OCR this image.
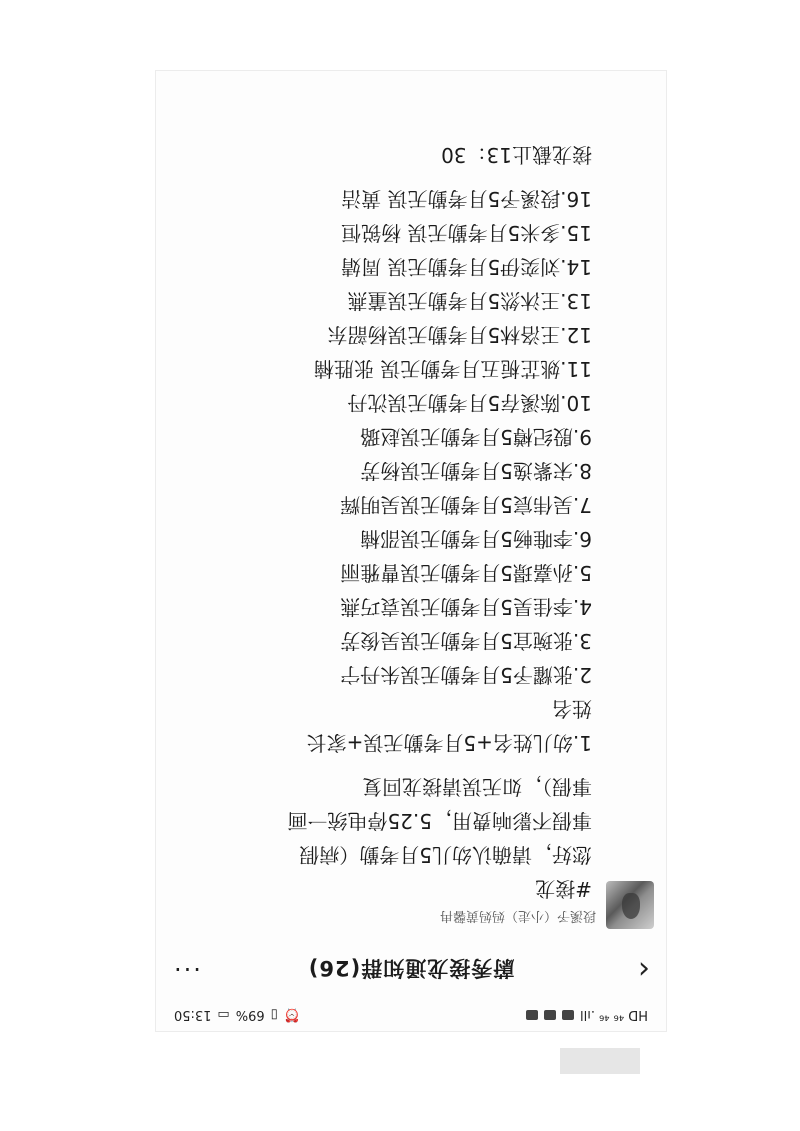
HD ⁴⁶ ⁴⁶ .ıll
⏰
▯
69%
▭
13:50
‹
蔚秀接龙通知群(26)
···
段溪予（小走）妈妈黄馨冉

#接龙

您好，请确认幼儿5月考勤（病假

事假不影响费用，5.25停电统一画

事假），如无误请接龙回复

1.幼儿姓名+5月考勤无误+家长

姓名

2.张耀予5月考勤无误朱丹宁

3.张琬宜5月考勤无误吴俊芳

4.李佳昊5月考勤无误袁巧燕

5.孙嘉璟5月考勤无误曹雅丽

6.李唯畅5月考勤无误邵楠

7.吴伟宸5月考勤无误吴明辉

8.宋紫逸5月考勤无误杨芳

9.殷纪樽5月考勤无误赵璐

10.陈溪存5月考勤无误沈丹

11.姚芷栀五月考勤无误 张胜楠

12.王洛林5月考勤无误杨韶东

13.王沐然5月考勤无误董燕

14.刘奕伊5月考勤无误 周婧

15.多米5月考勤无误 杨锐恒

16.段溪予5月考勤无误 黄洁

接龙截止13：30
